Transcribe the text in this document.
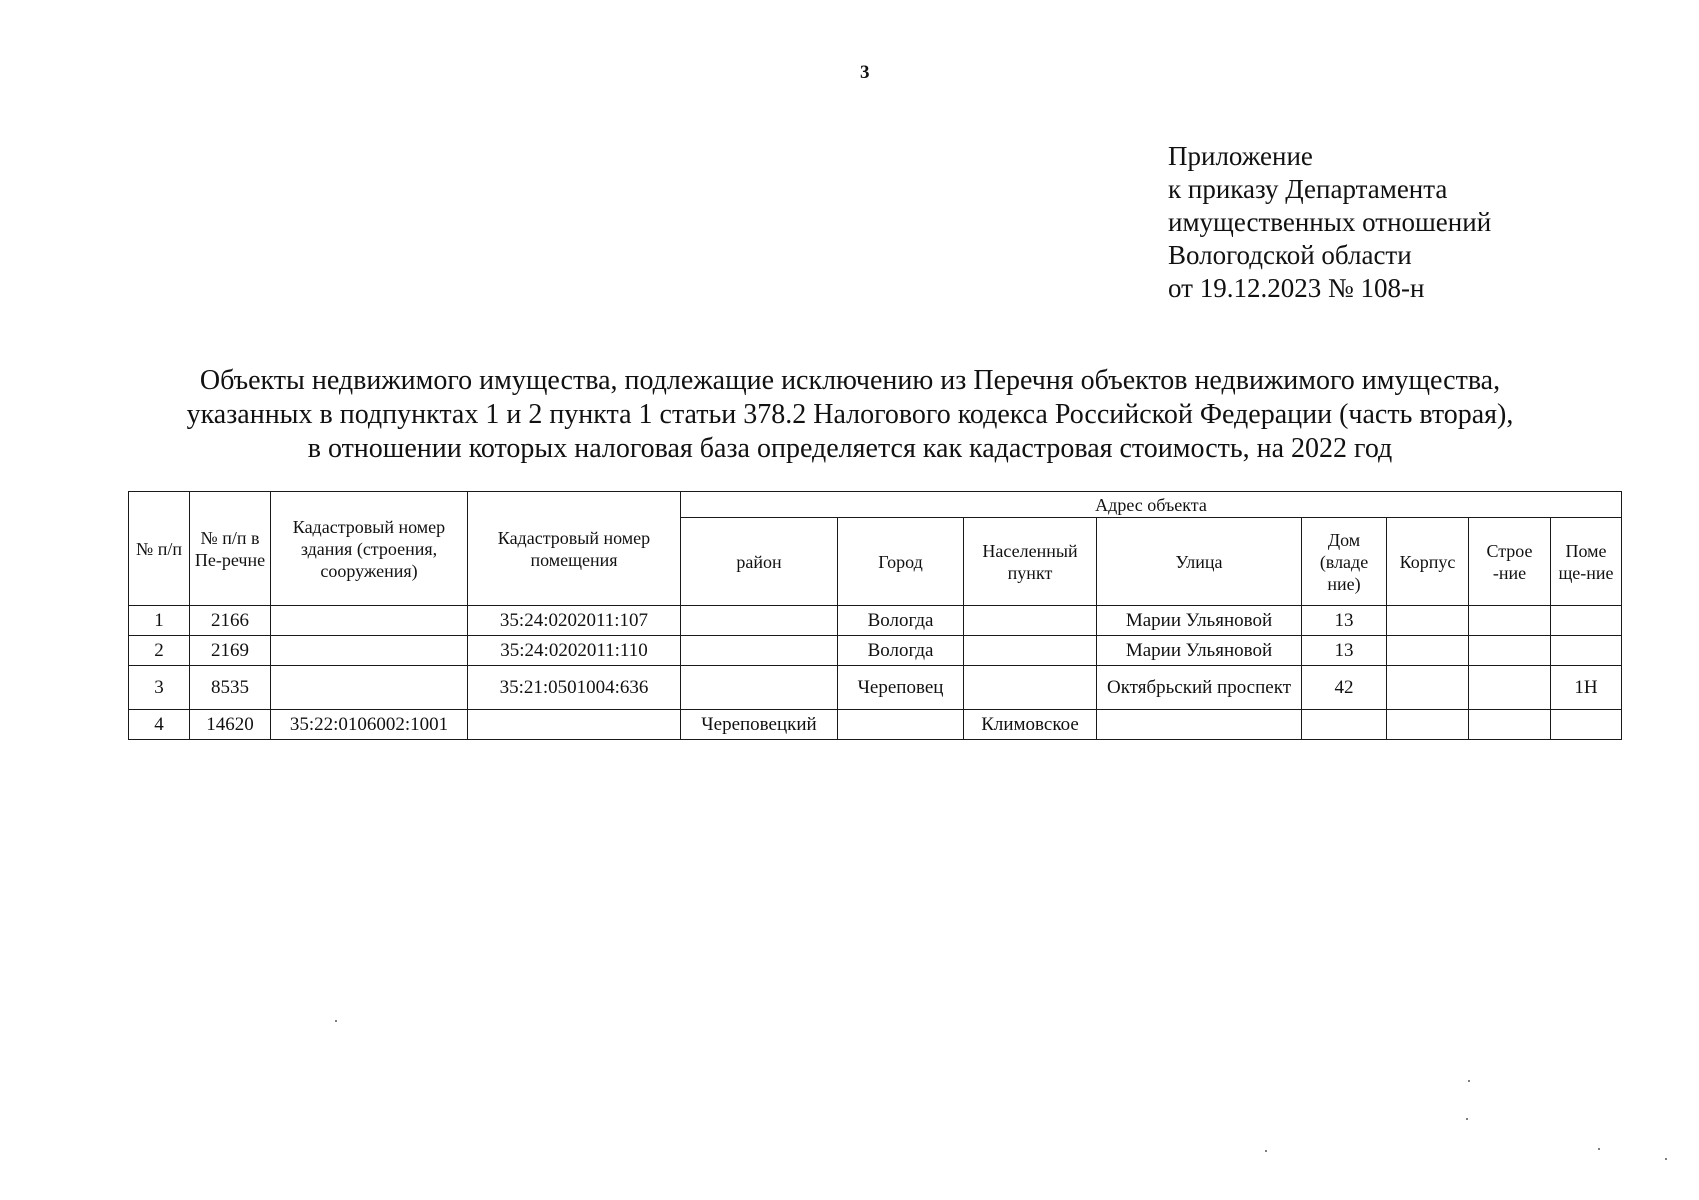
3
Приложение
к приказу Департамента
имущественных отношений
Вологодской области
от 19.12.2023 № 108-н
Объекты недвижимого имущества, подлежащие исключению из Перечня объектов недвижимого имущества,
указанных в подпунктах 1 и 2 пункта 1 статьи 378.2 Налогового кодекса Российской Федерации (часть вторая),
в отношении которых налоговая база определяется как кадастровая стоимость, на 2022 год
№ п/п	№ п/п в Пе-речне	Кадастровый номер здания (строения, сооружения)	Кадастровый номер помещения	Адрес объекта							
				район	Город	Населенный пункт	Улица	Дом (владе ние)	Корпус	Строе -ние	Поме ще-ние
1	2166		35:24:0202011:107		Вологда		Марии Ульяновой	13			
2	2169		35:24:0202011:110		Вологда		Марии Ульяновой	13			
3	8535		35:21:0501004:636		Череповец		Октябрьский проспект	42			1Н
4	14620	35:22:0106002:1001		Череповецкий		Климовское					
